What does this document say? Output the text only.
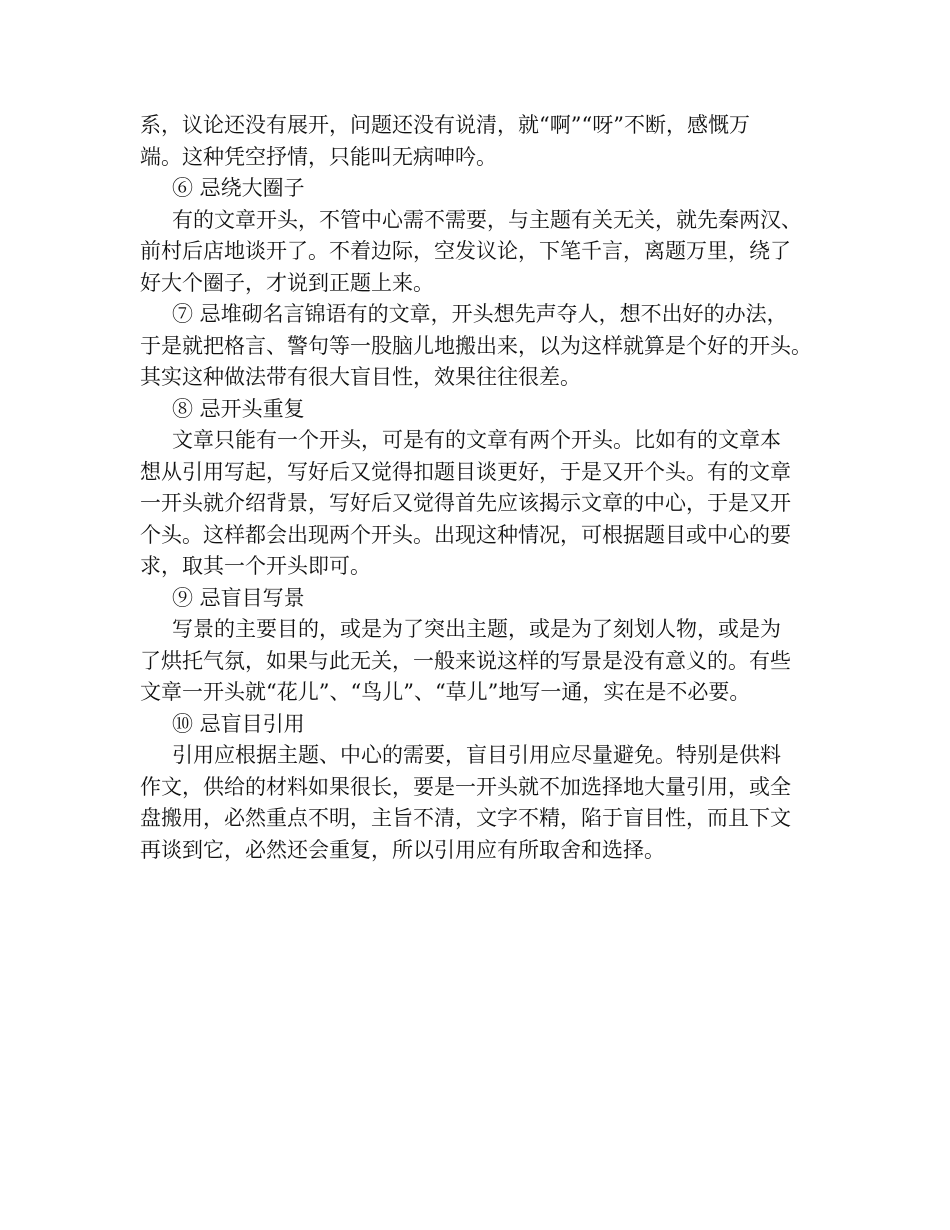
系，议论还没有展开，问题还没有说清，就“啊”“呀”不断，感慨万
端。这种凭空抒情，只能叫无病呻吟。
⑥ 忌绕大圈子
有的文章开头，不管中心需不需要，与主题有关无关，就先秦两汉、
前村后店地谈开了。不着边际，空发议论，下笔千言，离题万里，绕了
好大个圈子，才说到正题上来。
⑦ 忌堆砌名言锦语有的文章，开头想先声夺人，想不出好的办法，
于是就把格言、警句等一股脑儿地搬出来，以为这样就算是个好的开头。
其实这种做法带有很大盲目性，效果往往很差。
⑧ 忌开头重复
文章只能有一个开头，可是有的文章有两个开头。比如有的文章本
想从引用写起，写好后又觉得扣题目谈更好，于是又开个头。有的文章
一开头就介绍背景，写好后又觉得首先应该揭示文章的中心，于是又开
个头。这样都会出现两个开头。出现这种情况，可根据题目或中心的要
求，取其一个开头即可。
⑨ 忌盲目写景
写景的主要目的，或是为了突出主题，或是为了刻划人物，或是为
了烘托气氛，如果与此无关，一般来说这样的写景是没有意义的。有些
文章一开头就“花儿”、“鸟儿”、“草儿”地写一通，实在是不必要。
⑩ 忌盲目引用
引用应根据主题、中心的需要，盲目引用应尽量避免。特别是供料
作文，供给的材料如果很长，要是一开头就不加选择地大量引用，或全
盘搬用，必然重点不明，主旨不清，文字不精，陷于盲目性，而且下文
再谈到它，必然还会重复，所以引用应有所取舍和选择。
